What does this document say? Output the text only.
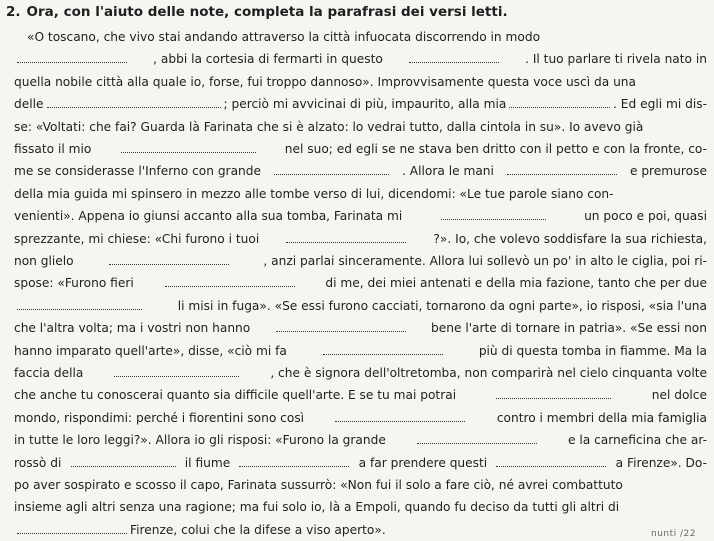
2. Ora, con l'aiuto delle note, completa la parafrasi dei versi letti.
«O toscano, che vivo stai andando attraverso la città infuocata discorrendo in modo
, abbi la cortesia di fermarti in questo	. Il tuo parlare ti rivela nato in
quella nobile città alla quale io, forse, fui troppo dannoso». Improvvisamente questa voce uscì da una
delle	; perciò mi avvicinai di più, impaurito, alla mia	. Ed egli mi dis-
se: «Voltati: che fai? Guarda là Farinata che si è alzato: lo vedrai tutto, dalla cintola in su». Io avevo già
fissato il mio	nel suo; ed egli se ne stava ben dritto con il petto e con la fronte, co-
me se considerasse l'Inferno con grande	. Allora le mani	e premurose
della mia guida mi spinsero in mezzo alle tombe verso di lui, dicendomi: «Le tue parole siano con-
venienti». Appena io giunsi accanto alla sua tomba, Farinata mi	un poco e poi, quasi
sprezzante, mi chiese: «Chi furono i tuoi	?». Io, che volevo soddisfare la sua richiesta,
non glielo	, anzi parlai sinceramente. Allora lui sollevò un po' in alto le ciglia, poi ri-
spose: «Furono fieri	di me, dei miei antenati e della mia fazione, tanto che per due
li misi in fuga». «Se essi furono cacciati, tornarono da ogni parte», io risposi, «sia l'una
che l'altra volta; ma i vostri non hanno	bene l'arte di tornare in patria». «Se essi non
hanno imparato quell'arte», disse, «ciò mi fa	più di questa tomba in fiamme. Ma la
faccia della	, che è signora dell'oltretomba, non comparirà nel cielo cinquanta volte
che anche tu conoscerai quanto sia difficile quell'arte. E se tu mai potrai	nel dolce
mondo, rispondimi: perché i fiorentini sono così	contro i membri della mia famiglia
in tutte le loro leggi?». Allora io gli risposi: «Furono la grande	e la carneficina che ar-
rossò di	il fiume	a far prendere questi	a Firenze». Do-
po aver sospirato e scosso il capo, Farinata sussurrò: «Non fui il solo a fare ciò, né avrei combattuto
insieme agli altri senza una ragione; ma fui solo io, là a Empoli, quando fu deciso da tutti gli altri di
Firenze, colui che la difese a viso aperto».	nunti /22
